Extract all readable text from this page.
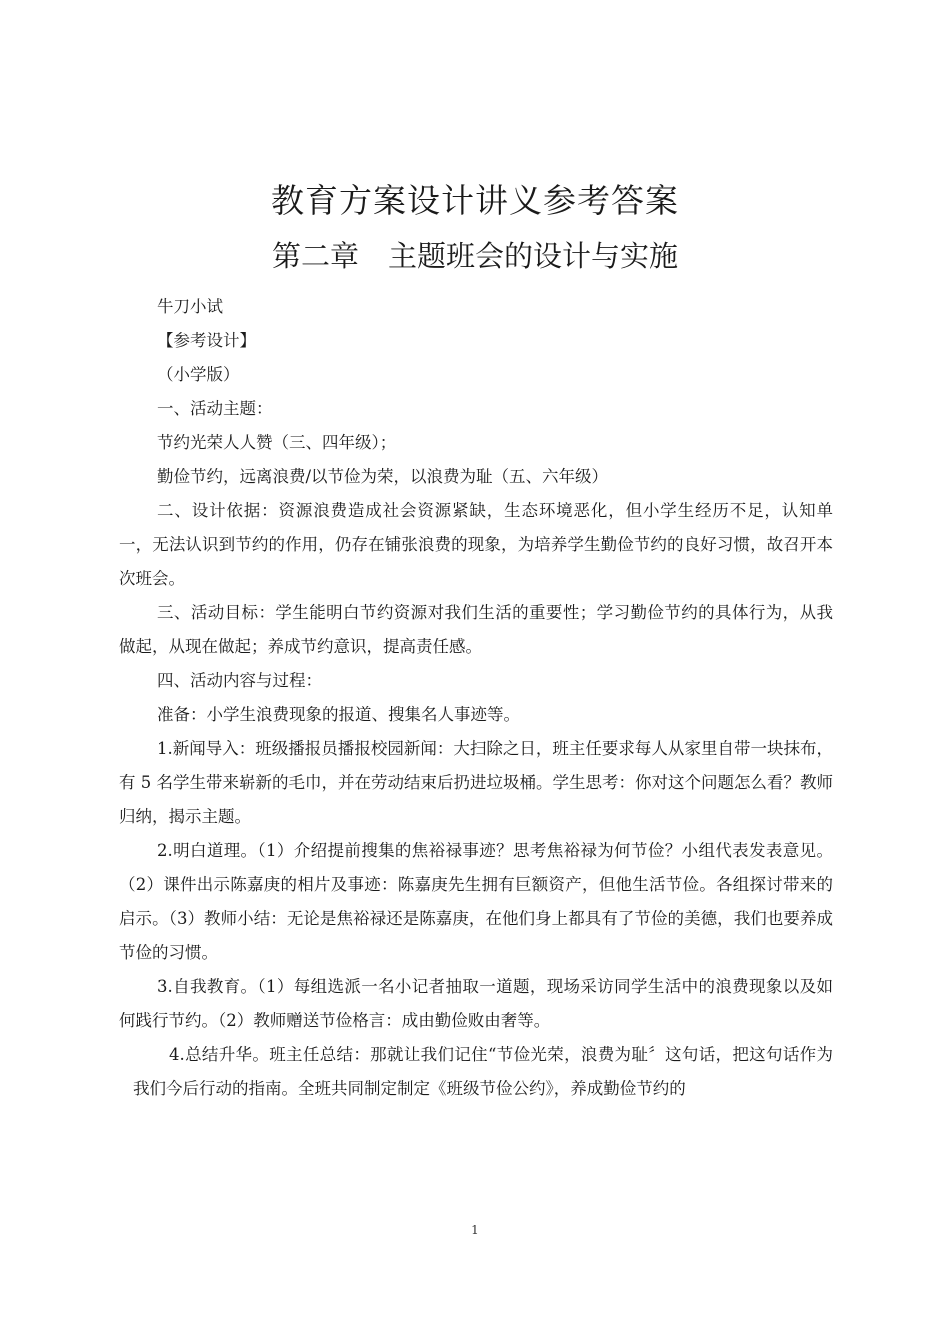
教育方案设计讲义参考答案
第二章　主题班会的设计与实施

牛刀小试

【参考设计】

（小学版）

一、活动主题：

节约光荣人人赞（三、四年级）；

勤俭节约，远离浪费/以节俭为荣，以浪费为耻（五、六年级）

二、设计依据：资源浪费造成社会资源紧缺，生态环境恶化，但小学生经历不足，认知单一，无法认识到节约的作用，仍存在铺张浪费的现象，为培养学生勤俭节约的良好习惯，故召开本次班会。

三、活动目标：学生能明白节约资源对我们生活的重要性；学习勤俭节约的具体行为，从我做起，从现在做起；养成节约意识，提高责任感。

四、活动内容与过程：

准备：小学生浪费现象的报道、搜集名人事迹等。

1.新闻导入：班级播报员播报校园新闻：大扫除之日，班主任要求每人从家里自带一块抹布，有 5 名学生带来崭新的毛巾，并在劳动结束后扔进垃圾桶。学生思考：你对这个问题怎么看？教师归纳，揭示主题。

2.明白道理。（1）介绍提前搜集的焦裕禄事迹？思考焦裕禄为何节俭？小组代表发表意见。（2）课件出示陈嘉庚的相片及事迹：陈嘉庚先生拥有巨额资产，但他生活节俭。各组探讨带来的启示。（3）教师小结：无论是焦裕禄还是陈嘉庚，在他们身上都具有了节俭的美德，我们也要养成节俭的习惯。

3.自我教育。（1）每组选派一名小记者抽取一道题，现场采访同学生活中的浪费现象以及如何践行节约。（2）教师赠送节俭格言：成由勤俭败由奢等。

4.总结升华。班主任总结：那就让我们记住“节俭光荣，浪费为耻〞这句话，把这句话作为我们今后行动的指南。全班共同制定制定《班级节俭公约》，养成勤俭节约的

1
